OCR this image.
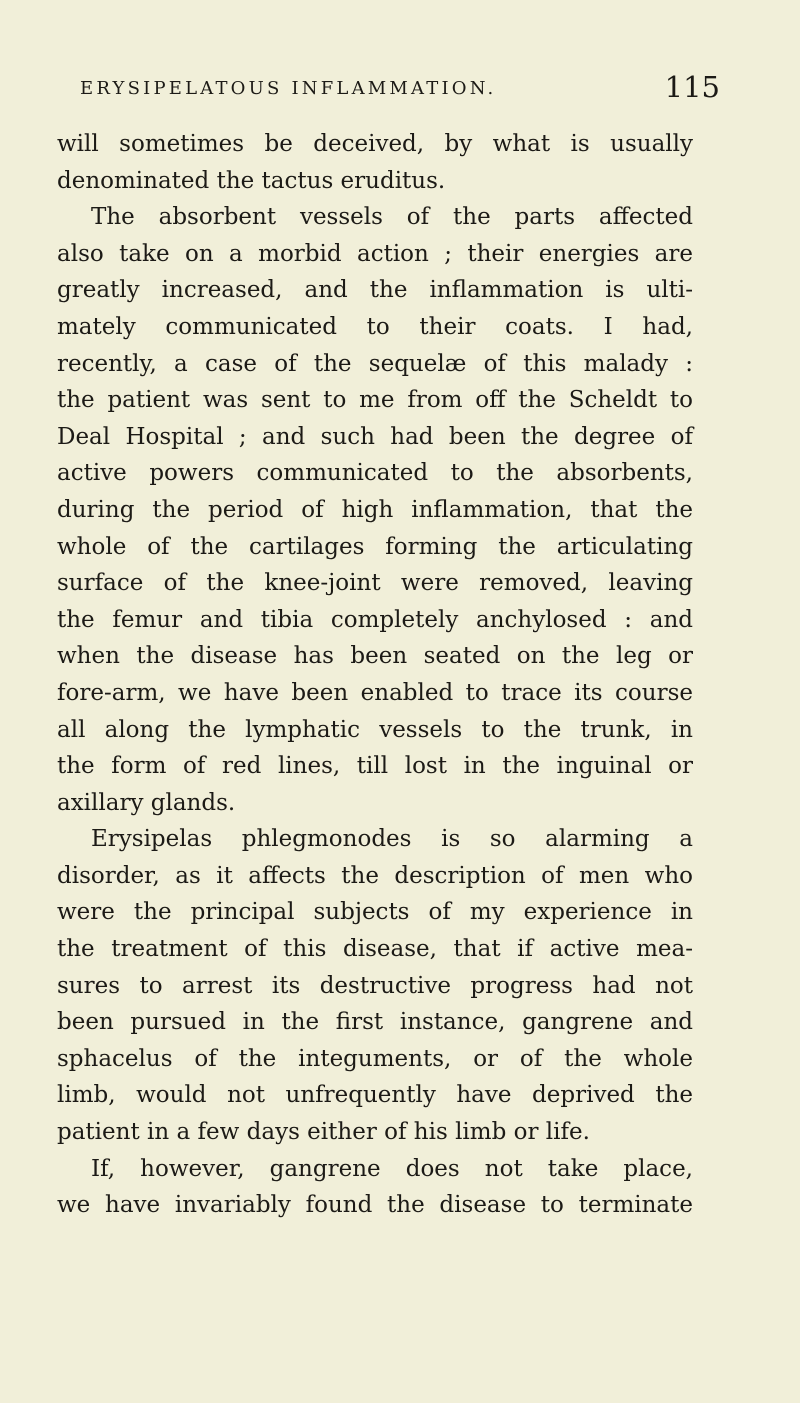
ERYSIPELATOUS INFLAMMATION.	115
will sometimes be deceived, by what is usually
denominated the tactus eruditus.
The absorbent vessels of the parts affected
also take on a morbid action ; their energies are
greatly increased, and the inflammation is ulti-
mately communicated to their coats. I had,
recently, a case of the sequelæ of this malady :
the patient was sent to me from off the Scheldt to
Deal Hospital ; and such had been the degree of
active powers communicated to the absorbents,
during the period of high inflammation, that the
whole of the cartilages forming the articulating
surface of the knee-joint were removed, leaving
the femur and tibia completely anchylosed : and
when the disease has been seated on the leg or
fore-arm, we have been enabled to trace its course
all along the lymphatic vessels to the trunk, in
the form of red lines, till lost in the inguinal or
axillary glands.
Erysipelas phlegmonodes is so alarming a
disorder, as it affects the description of men who
were the principal subjects of my experience in
the treatment of this disease, that if active mea-
sures to arrest its destructive progress had not
been pursued in the first instance, gangrene and
sphacelus of the integuments, or of the whole
limb, would not unfrequently have deprived the
patient in a few days either of his limb or life.
If, however, gangrene does not take place,
we have invariably found the disease to terminate
